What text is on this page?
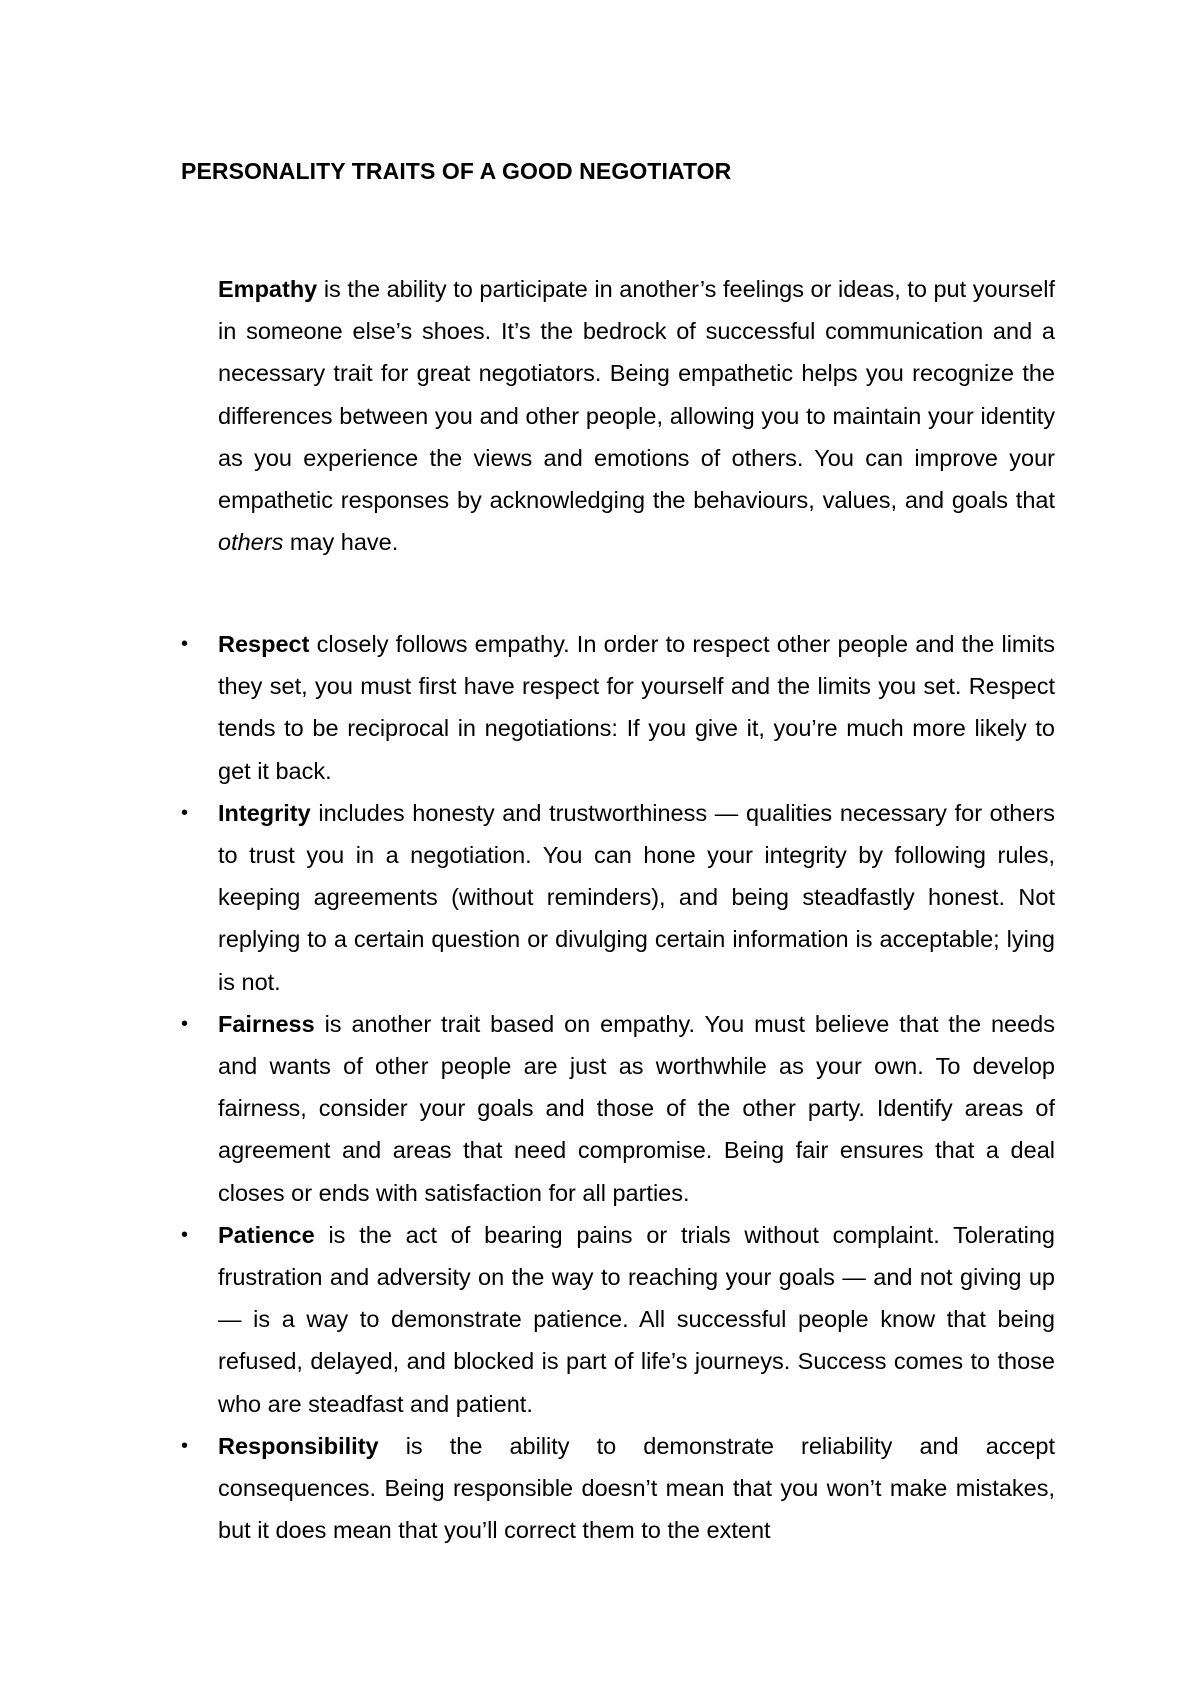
PERSONALITY TRAITS OF A GOOD NEGOTIATOR

Empathy is the ability to participate in another’s feelings or ideas, to put yourself in someone else’s shoes. It’s the bedrock of successful communication and a necessary trait for great negotiators. Being empathetic helps you recognize the differences between you and other people, allowing you to maintain your identity as you experience the views and emotions of others. You can improve your empathetic responses by acknowledging the behaviours, values, and goals that others may have.

• Respect closely follows empathy. In order to respect other people and the limits they set, you must first have respect for yourself and the limits you set. Respect tends to be reciprocal in negotiations: If you give it, you’re much more likely to get it back.
• Integrity includes honesty and trustworthiness — qualities necessary for others to trust you in a negotiation. You can hone your integrity by following rules, keeping agreements (without reminders), and being steadfastly honest. Not replying to a certain question or divulging certain information is acceptable; lying is not.
• Fairness is another trait based on empathy. You must believe that the needs and wants of other people are just as worthwhile as your own. To develop fairness, consider your goals and those of the other party. Identify areas of agreement and areas that need compromise. Being fair ensures that a deal closes or ends with satisfaction for all parties.
• Patience is the act of bearing pains or trials without complaint. Tolerating frustration and adversity on the way to reaching your goals — and not giving up — is a way to demonstrate patience. All successful people know that being refused, delayed, and blocked is part of life’s journeys. Success comes to those who are steadfast and patient.
• Responsibility is the ability to demonstrate reliability and accept consequences. Being responsible doesn’t mean that you won’t make mistakes, but it does mean that you’ll correct them to the extent
